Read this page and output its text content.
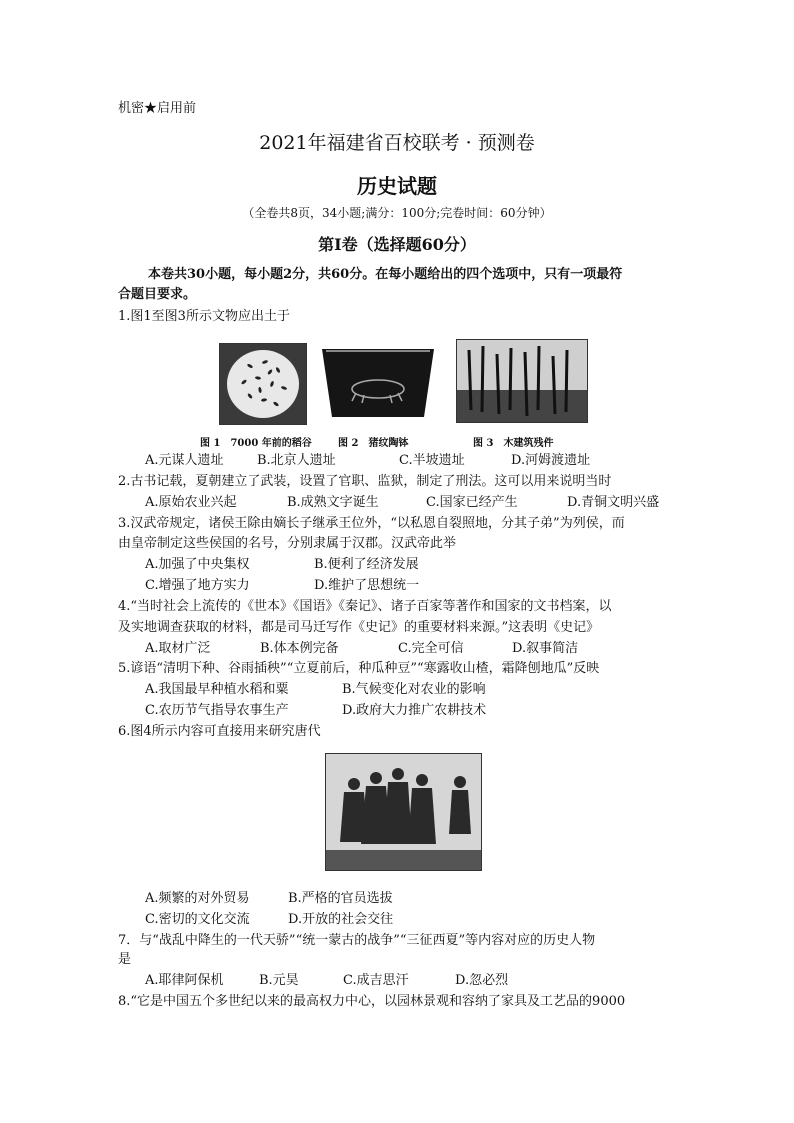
机密★启用前
2021年福建省百校联考 · 预测卷
历史试题
（全卷共8页，34小题;满分：100分;完卷时间：60分钟）
第Ⅰ卷（选择题60分）
本卷共30小题，每小题2分，共60分。在每小题给出的四个选项中，只有一项最符
合题目要求。
1.图1至图3所示文物应出土于
图 1　7000 年前的稻谷	图 2　猪纹陶钵	图 3　木建筑残件
A.元谋人遗址	B.北京人遗址	C.半坡遗址	D.河姆渡遗址
2.古书记载，夏朝建立了武装，设置了官职、监狱，制定了刑法。这可以用来说明当时
A.原始农业兴起	B.成熟文字诞生	C.国家已经产生	D.青铜文明兴盛
3.汉武帝规定，诸侯王除由嫡长子继承王位外，“以私恩自裂照地，分其子弟”为列侯，而
由皇帝制定这些侯国的名号，分别隶属于汉郡。汉武帝此举
A.加强了中央集权	B.便利了经济发展
C.增强了地方实力	D.维护了思想统一
4.“当时社会上流传的《世本》《国语》《秦记》、诸子百家等著作和国家的文书档案，以
及实地调查获取的材料，都是司马迁写作《史记》的重要材料来源。”这表明《史记》
A.取材广泛	B.体本例完备	C.完全可信	D.叙事简洁
5.谚语“清明下种、谷雨插秧”“立夏前后，种瓜种豆”“寒露收山楂，霜降刨地瓜”反映
A.我国最早种植水稻和粟	B.气候变化对农业的影响
C.农历节气指导农事生产	D.政府大力推广农耕技术
6.图4所示内容可直接用来研究唐代
A.频繁的对外贸易	B.严格的官员选拔
C.密切的文化交流	D.开放的社会交往
7．与“战乱中降生的一代天骄”“统一蒙古的战争”“三征西夏”等内容对应的历史人物
是
A.耶律阿保机	B.元昊	C.成吉思汗	D.忽必烈
8.“它是中国五个多世纪以来的最高权力中心，以园林景观和容纳了家具及工艺品的9000
